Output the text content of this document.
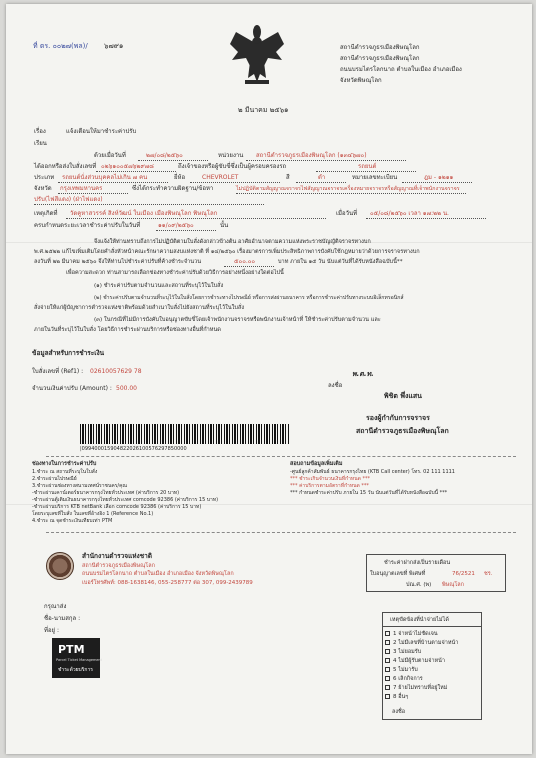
ที่ ตร. ๐๐๒๗(พล)/ ๖๗๙๑	สถานีตำรวจภูธรเมืองพิษณุโลก
สถานีตำรวจภูธรเมืองพิษณุโลก
ถนนบรมไตรโลกนาถ ตำบลในเมือง อำเภอเมือง
จังหวัดพิษณุโลก
๒ มีนาคม ๒๕๖๑
เรื่อง	แจ้งเตือนให้มาชำระค่าปรับ
เรียน
ด้วยเมื่อวันที่	๒๗/๐๘/๒๕๖๐	หน่วยงาน สถานีตำรวจภูธรเมืองพิษณุโลก (๑๓๔๖๗๐)
ได้ออกหรือส่งใบสั่งเลขที่ ๐๒๖๑๐๐๕๗๖๒๙๗๘	ถึงเจ้าของหรือผู้ขับขี่ซึ่งเป็นผู้ครอบครองรถ	รถยนต์
ประเภท รถยนต์นั่งส่วนบุคคลไม่เกิน ๗ คน	ยี่ห้อ	CHEVROLET	สี	ดำ	หมายเลขทะเบียน	ฎม - ๑๒๑๑
จังหวัด กรุงเทพมหานคร	ซึ่งได้กระทำความผิดฐาน/ข้อหา	ไม่ปฏิบัติตามสัญญาณจราจรไฟสัญญาณจราจรเครื่องหมายจราจรหรือสัญญาณที่เจ้าพนักงานจราจร
ปรับ(ไฟสีแดง) (ฝ่าไฟแดง)
เหตุเกิดที่ วัดคูหาสวรรค์ สิงห์วัฒน์ ในเมือง เมืองพิษณุโลก พิษณุโลก	เมื่อวันที่ ๐๕/๐๘/๒๕๖๐ เวลา ๑๗:๒๒ น.
ครบกำหนดระยะเวลาชำระค่าปรับในวันที่	๑๑/๐๙/๒๕๖๐	นั้น
จึงแจ้งให้ท่านทราบถึงการไม่ปฏิบัติตามใบสั่งดังกล่าวข้างต้น อาศัยอำนาจตามความแห่งพระราชบัญญัติจราจรทางบก
พ.ศ.๒๕๒๒ แก้ไขเพิ่มเติมโดยคำสั่งหัวหน้าคณะรักษาความสงบแห่งชาติ ที่ ๑๔/๒๕๖๐ เรื่องมาตรการเพิ่มประสิทธิภาพการบังคับใช้กฎหมายว่าด้วยการจราจรทางบก
ลงวันที่ ๒๒ มีนาคม ๒๕๖๐ จึงให้ท่านไปชำระค่าปรับที่ค้างชำระจำนวน	๕๐๐.๐๐	บาท ภายใน ๑๕ วัน นับแต่วันที่ได้รับหนังสือฉบับนี้**
เพื่อความสะดวก ท่านสามารถเลือกช่องทางชำระค่าปรับด้วยวิธีการอย่างหนึ่งอย่างใดต่อไปนี้
(๑) ชำระค่าปรับตามจำนวนและสถานที่ระบุไว้ในใบสั่ง
(๒) ชำระค่าปรับตามจำนวนที่ระบุไว้ในใบสั่งโดยการชำระทางไปรษณีย์ หรือการส่งผ่านธนาคาร หรือการชำระค่าปรับทางระบบอิเล็กทรอนิกส์
สั่งจ่ายให้แก่ผู้บัญชาการตำรวจแห่งชาติพร้อมด้วยสำเนาใบสั่งไปยังสถานที่ระบุไว้ในใบสั่ง
(๓) ในกรณีที่ไม่มีการบังคับใบอนุญาตขับขี่โดยเจ้าพนักงานจราจรหรือพนักงานเจ้าหน้าที่ ให้ชำระค่าปรับตามจำนวน และ
ภายในวันที่ระบุไว้ในใบสั่ง โดยวิธีการชำระผ่านบริการหรือช่องทางอื่นที่กำหนด
ข้อมูลสำหรับการชำระเงิน
ใบสั่งเลขที่ (Ref1) : 02610057629 78
จำนวนเงินค่าปรับ (Amount) : 500.00	ลงชื่อ
พ.ต.ท.
พิชิต พึ่งแสน
รองผู้กำกับการจราจร
สถานีตำรวจภูธรเมืองพิษณุโลก
|099400015904822026100576297850000
ช่องทางในการชำระค่าปรับ
1.ชำระ ณ สถานที่ระบุในใบสั่ง
2.ชำระผ่านไปรษณีย์
3.ชำระผ่านช่องทางสนามเทศน์ราชนคร/คุณ
-ชำระผ่านเคาน์เตอร์ธนาคารกรุงไทยทั่วประเทศ (ค่าบริการ 20 บาท)
-ชำระผ่านตู้เติมเงินธนาคารกรุงไทยทั่วประเทศ comcode 92386 (ค่าบริการ 15 บาท)
-ชำระผ่านบริการ KTB netBank เลือก comcode 92386 (ค่าบริการ 15 บาท)
โดยระบุเลขที่ใบสั่ง ในเลขที่อ้างอิง 1 (Reference No.1)
4.ชำระ ณ จุดชำระเงินเทียบเท่า PTM
สอบถามข้อมูลเพิ่มเติม
-ศูนย์ลูกค้าสัมพันธ์ ธนาคารกรุงไทย (KTB Call center) โทร. 02 111 1111
*** ชำระเกินจำนวนเงินที่กำหนด ***
*** ค่าบริการตามอัตราที่กำหนด ***
*** กำหนดชำระค่าปรับ ภายใน 15 วัน นับแต่วันที่ได้รับหนังสือฉบับนี้ ***
สำนักงานตำรวจแห่งชาติ
สถานีตำรวจภูธรเมืองพิษณุโลก
ถนนบรมไตรโลกนาถ ตำบลในเมือง อำเภอเมือง จังหวัดพิษณุโลก
เบอร์โทรศัพท์: 088-1638146, 055-258777 ต่อ 307, 099-2439789
ชำระค่าฝากส่งเป็นรายเดือน
ใบอนุญาตเลขที่ พิเศษที่	76/2521 ชร.
ปณ.ศ. (พ) พิษณุโลก
กรุณาส่ง
ชื่อ-นามสกุล :
ที่อยู่ :
PTM
Parcel Ticket Management
ชำระด้วยบริการ
เหตุขัดข้องที่นำจ่ายไม่ได้
1 จ่าหน้าไม่ชัดเจน
2 ไม่มีเลขที่บ้านตามจ่าหน้า
3 ไม่ยอมรับ
4 ไม่มีผู้รับตามจ่าหน้า
5 ไม่มารับ
6 เลิกกิจการ
7 ย้ายไม่ทราบที่อยู่ใหม่
8 อื่นๆ
ลงชื่อ
